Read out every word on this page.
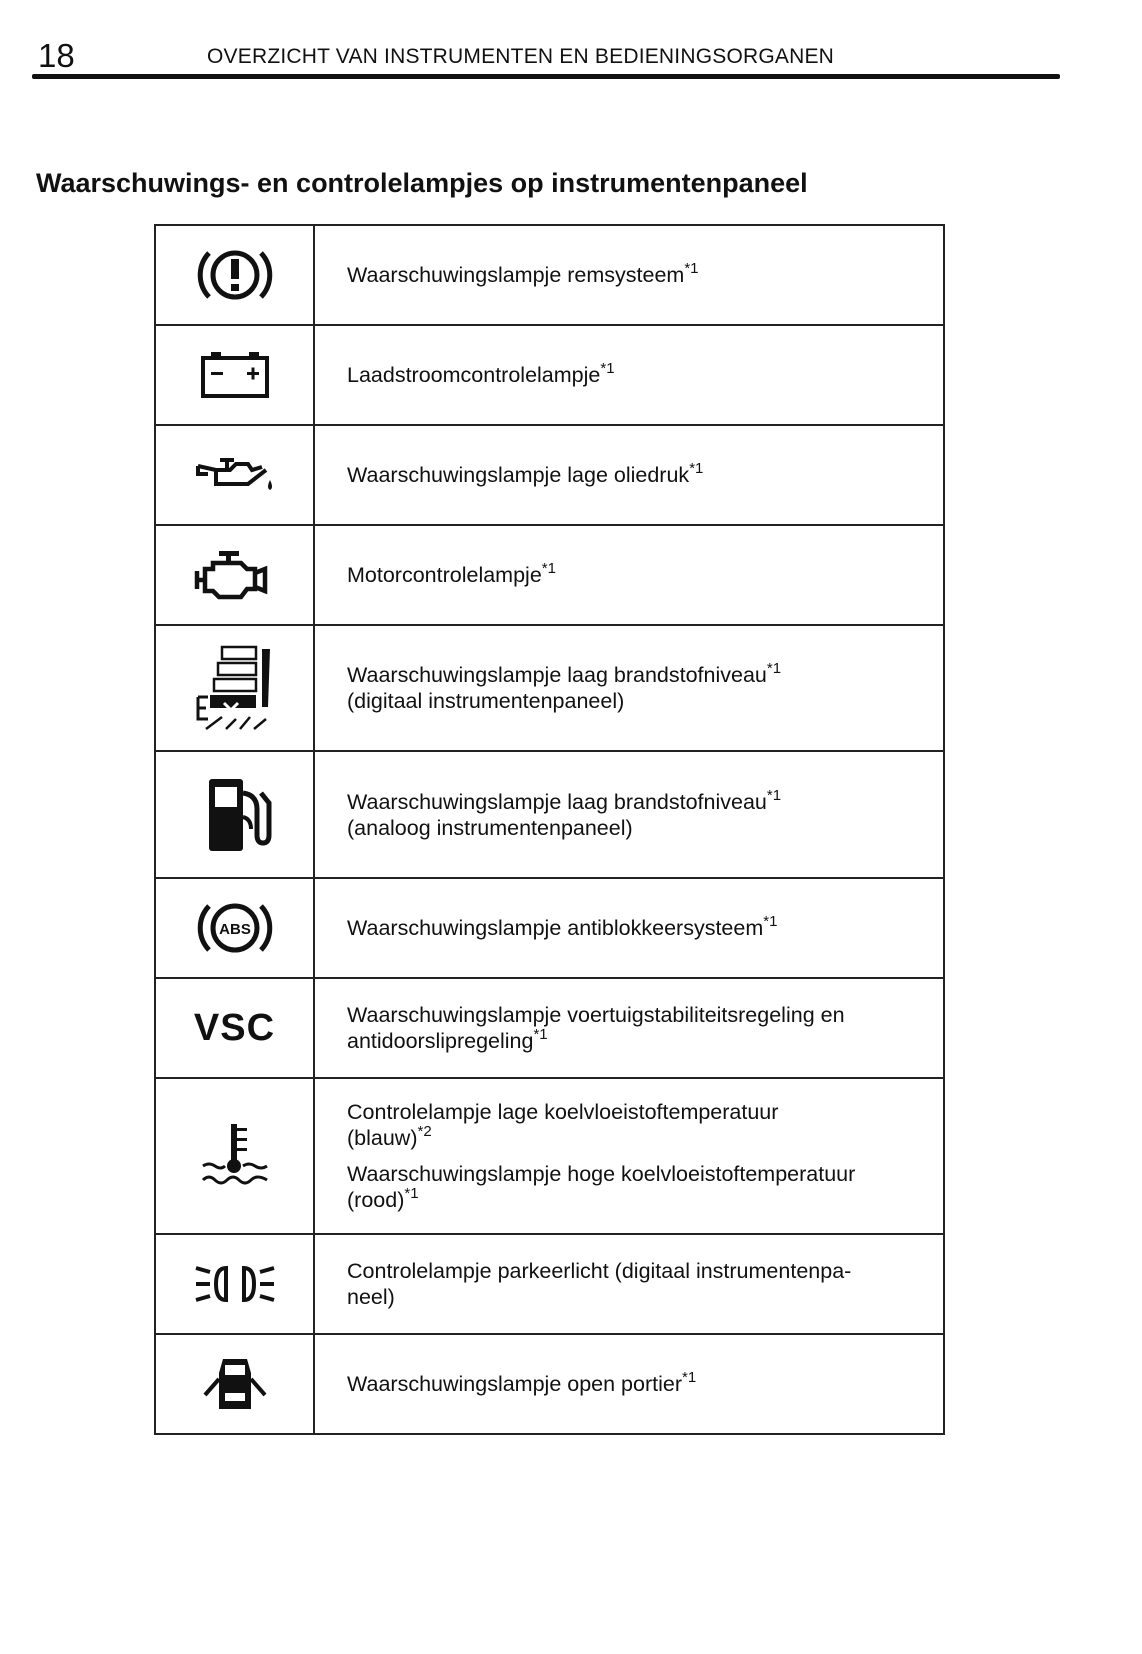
18	OVERZICHT VAN INSTRUMENTEN EN BEDIENINGSORGANEN
Waarschuwings- en controlelampjes op instrumentenpaneel
	Waarschuwingslampje remsysteem$^{*1}$

	Laadstroomcontrolelampje$^{*1}$

	Waarschuwingslampje lage oliedruk$^{*1}$

	Motorcontrolelampje$^{*1}$

Waarschuwingslampje laag brandstofniveau$^{*1}$
(digitaal instrumentenpaneel)

Waarschuwingslampje laag brandstofniveau$^{*1}$
(analoog instrumentenpaneel)

ABS	Waarschuwingslampje antiblokkeersysteem$^{*1}$
VSC	Waarschuwingslampje voertuigstabiliteitsregeling en
antidoorslipregeling$^{*1}$

Controlelampje lage koelvloeistoftemperatuur
(blauw)$^{*2}$
Waarschuwingslampje hoge koelvloeistoftemperatuur
(rood)$^{*1}$

Controlelampje parkeerlicht (digitaal instrumentenpa-
neel)

	Waarschuwingslampje open portier$^{*1}$
